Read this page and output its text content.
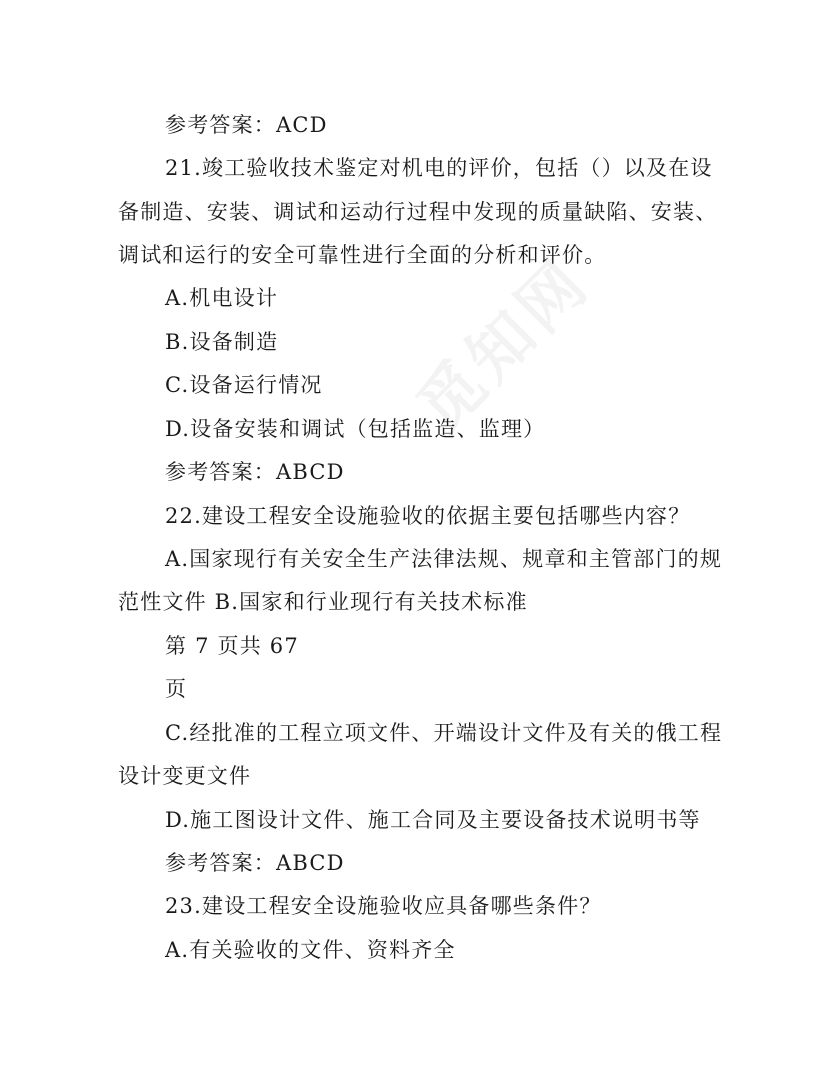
参考答案：ACD
21.竣工验收技术鉴定对机电的评价，包括（）以及在设
备制造、安装、调试和运动行过程中发现的质量缺陷、安装、
调试和运行的安全可靠性进行全面的分析和评价。
A.机电设计
B.设备制造
C.设备运行情况
D.设备安装和调试（包括监造、监理）
参考答案：ABCD
22.建设工程安全设施验收的依据主要包括哪些内容？
A.国家现行有关安全生产法律法规、规章和主管部门的规
范性文件 B.国家和行业现行有关技术标准
第 7 页共 67
页
C.经批准的工程立项文件、开端设计文件及有关的俄工程
设计变更文件
D.施工图设计文件、施工合同及主要设备技术说明书等
参考答案：ABCD
23.建设工程安全设施验收应具备哪些条件？
A.有关验收的文件、资料齐全
